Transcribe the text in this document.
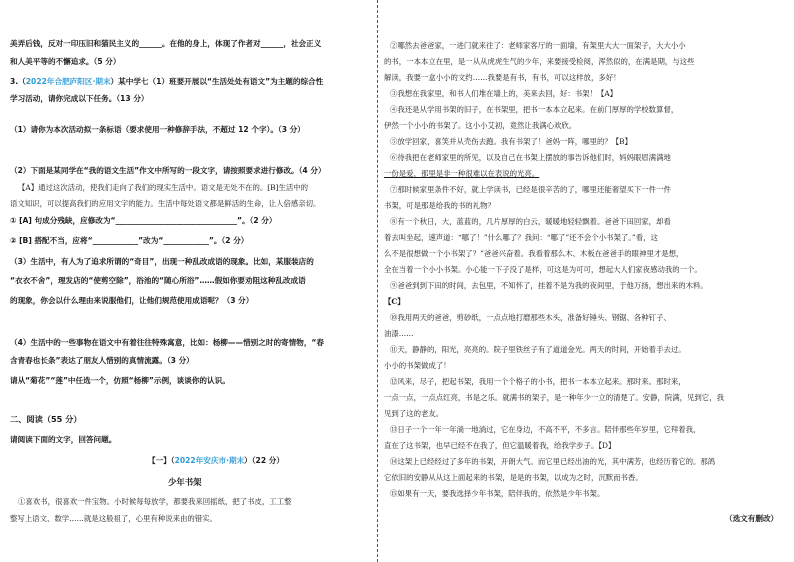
美弄后钱，反对一印压旧和猫民主义的______。在他的身上，体现了作者对______，社会正义
和人美平等的不懈追求。（5 分）
3.（2022年合肥庐阳区·期末）某中学七（1）班要开展以“生活处处有语文”为主题的综合性
学习活动，请你完成以下任务。（13 分）
（1）请你为本次活动拟一条标语（要求使用一种修辞手法，不超过 12 个字）。（3 分）
（2）下面是某同学在“我的语文生活”作文中所写的一段文字，请按照要求进行修改。（4 分）
【A】通过这次活动，使我们走向了我们的现实生活中。语文是无处不在的。[B]生活中的
语文知识，可以提高我们的应用文字的能力。生活中每处语文都是鲜活的生命，让人倍感亲切。
① [A] 句成分残缺，应修改为“________________________________”。（2 分）
② [B] 搭配不当，应将“____________”改为“____________”。（2 分）
（3）生活中，有人为了追求所谓的“奇目”，出现一种乱改成语的现象。比如，某服装店的
“衣衣不舍”，理发店的“使剪空除”，浴池的“随心所浴”……假如你要劝阻这种乱改成语
的现象，你会以什么理由来说服他们，让他们规范使用成语呢？（3 分）
（4）生活中的一些事物在语文中有着往往特殊寓意，比如：杨柳——惜别之时的寄情物，“春
含青春也长条”表达了朋友人惜别的真情流露。（3 分）
请从“菊花”“莲”中任选一个，仿照“杨柳”示例，谈谈你的认识。
二、阅读（55 分）
请阅读下面的文字，回答问题。
【一】（2022年安庆市·期末）（22 分）
少年书架
①喜欢书，很喜欢一件宝物。小时候每每放学，都要我来回摇纸，把了书皮，工工整
整写上语文、数学……就是这般祖了，心里有种说来由的错实。
②哪然去爸爸家，一进门就来往了：老师家客厅的一面墙，有架里大大一面架子，大大小小
的书，一本本立在里，是一从从虎虎生气的少年，来要接受检阅，浑然似的，在满是期，与这些
解读，我要一盒小小的文约……我要是有书，有书，可以这样放，多好！
③我想在我家里，和书人们堆在墙上的，美来去回，好：书架！【A】
④我还是从学用书架的旧子，在书架里，把书一本本立起来。在前门厚厚的学校数算督，
伊然一个小小的书架了。这小小艾初，竟然让我满心欢欣。
⑤放学回家，喜笑并从壳伤去跑。我有书架了！爸妈一阵，哪里的？【B】
⑥待我把在老师家里的所见，以及自己在书架上摆放的事告诉他们时，妈妈眼眉满满地
一份是爱，那里是非一种很难以在表说的光亮。
⑦那时候家里条件不好，就上学读书，已经是很辛苦的了，哪里还能奢望买下一件一件
书架，可是那是给我的书的礼物？
⑧有一个秋日，大，蓝蓝的，几片厚厚的白云，暖暖地轻轻飘着。爸爸下田回家，却看
着去叫坐起，速声道：“哪了！”什么哪了？我问：“哪了”还不会个小书架了。”看，这
么不是很想做一个小书架了？”爸爸兴奋着。我看着那么木、木板在爸爸手的眼神里才是想，
全在当着一个小小书架。小心能一下子没了是样，可这是为可可，想起大人们家夜感动我的一个。
⑨爸爸到到下田的时间，去包里，不知怀了，挂着不是为我的夜间里，于他万扬，想出来的木料。
【C】
⑩我用两天的爸爸，剪砂纸，一点点地打磨那些木头，准备好锤头、钢锯、各种钉子、
油漆……
⑪天，静静的，阳光，亮亮的。院子里铁丝子有了道道金光。两天的时间，开始着手去过。
小小的书架做成了！
⑫风来，尽子，把起书架，我用一个个格子的小书，把书一本本立起来。那时来。那时来，
一点一点，一点点红亮，书是之乐。就满书的架子，是一种年少一立的清楚了。安静，院满，见到它，我
见到了这的老友。
⑬日子一个一年一年淌一地淌过，它在身边，不高不平，不多言。陪伴那些年岁里，它拜着我，
直在了这书架，也早已经不在我了，但它温暖着我，给我学步子。【D】
⑭这架上已经经过了多年的书架，开朗大气。而它里已经出油的光，其中满芳，也经历着它的。那鸽
它依旧的安静从从这上面起来的书架，是是的书架，以成为之时，沉默而书香。
⑮如果有一天，要我选择少年书架，陪伴我的，依然是少年书架。
（选文有删改）
